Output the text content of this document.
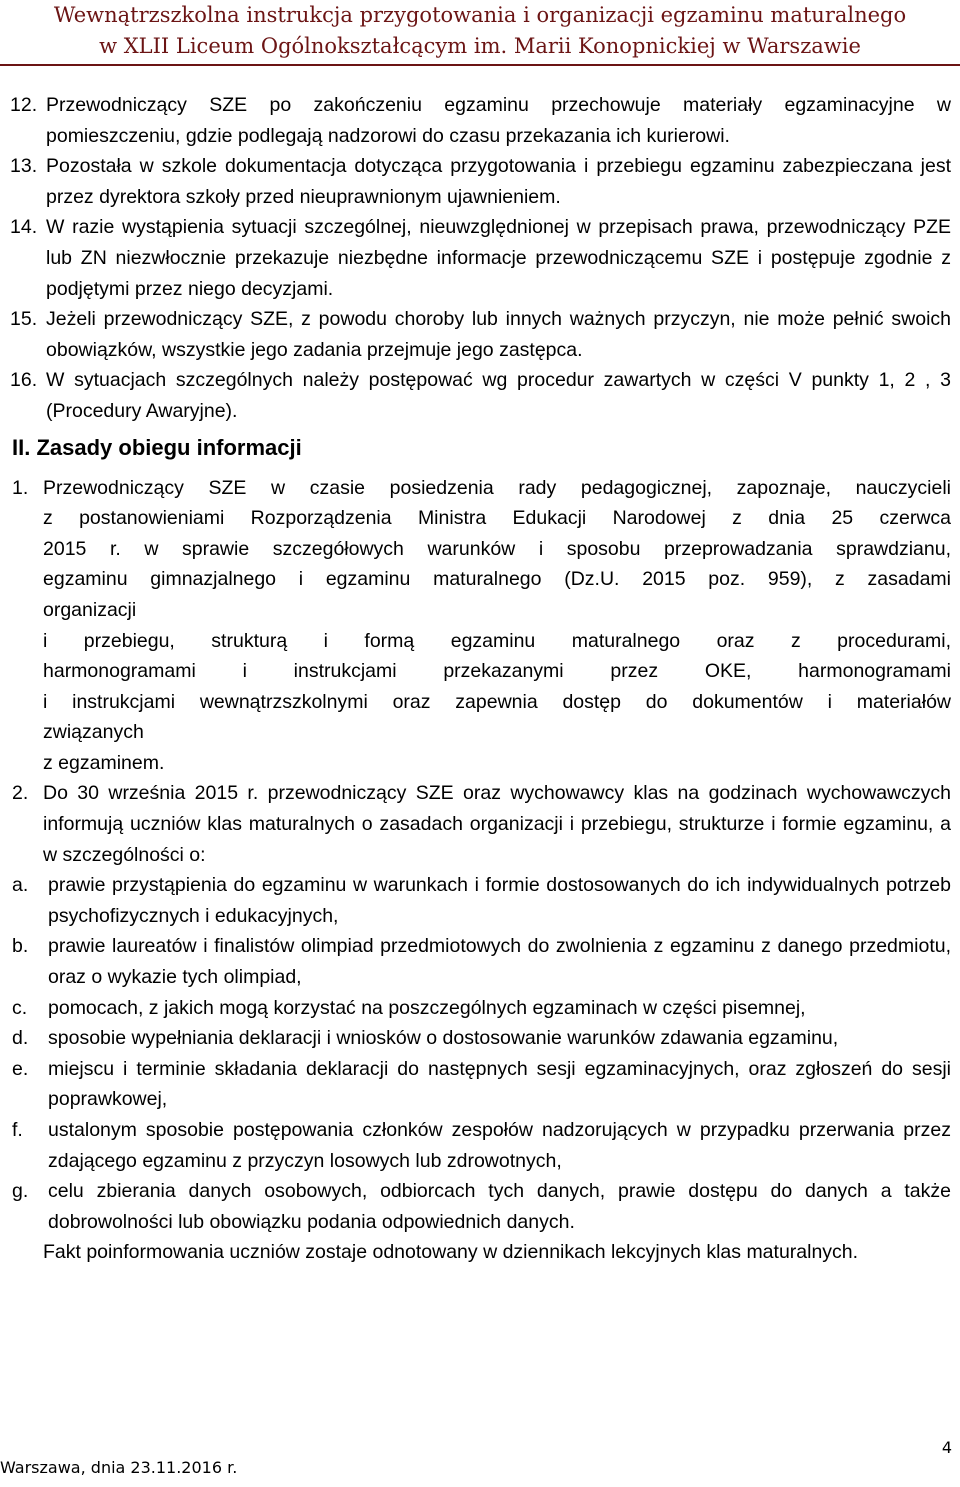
Wewnątrzszkolna instrukcja przygotowania i organizacji egzaminu maturalnego
w XLII Liceum Ogólnokształcącym im. Marii Konopnickiej w Warszawie
12. Przewodniczący SZE po zakończeniu egzaminu przechowuje materiały egzaminacyjne w pomieszczeniu, gdzie podlegają nadzorowi do czasu przekazania ich kurierowi.
13. Pozostała w szkole dokumentacja dotycząca przygotowania i przebiegu egzaminu zabezpieczana jest przez dyrektora szkoły przed nieuprawnionym ujawnieniem.
14. W razie wystąpienia sytuacji szczególnej, nieuwzględnionej w przepisach prawa, przewodniczący PZE lub ZN niezwłocznie przekazuje niezbędne informacje przewodniczącemu SZE i postępuje zgodnie z podjętymi przez niego decyzjami.
15. Jeżeli przewodniczący SZE, z powodu choroby lub innych ważnych przyczyn, nie może pełnić swoich obowiązków, wszystkie jego zadania przejmuje jego zastępca.
16. W sytuacjach szczególnych należy postępować wg procedur zawartych w części V punkty 1, 2 , 3 (Procedury Awaryjne).
II. Zasady obiegu informacji
1. Przewodniczący SZE w czasie posiedzenia rady pedagogicznej, zapoznaje, nauczycieli
z postanowieniami Rozporządzenia Ministra Edukacji Narodowej z dnia 25 czerwca
2015 r. w sprawie szczegółowych warunków i sposobu przeprowadzania sprawdzianu,
egzaminu gimnazjalnego i egzaminu maturalnego (Dz.U. 2015 poz. 959), z zasadami
organizacji
i przebiegu, strukturą i formą egzaminu maturalnego oraz z procedurami,
harmonogramami i instrukcjami przekazanymi przez OKE, harmonogramami
i instrukcjami wewnątrzszkolnymi oraz zapewnia dostęp do dokumentów i materiałów
związanych
z egzaminem.
2. Do 30 września 2015 r. przewodniczący SZE oraz wychowawcy klas na godzinach wychowawczych informują uczniów klas maturalnych o zasadach organizacji i przebiegu, strukturze i formie egzaminu, a w szczególności o:
a.	prawie przystąpienia do egzaminu w warunkach i formie dostosowanych do ich indywidualnych potrzeb psychofizycznych i edukacyjnych,
b.	prawie laureatów i finalistów olimpiad przedmiotowych do zwolnienia z egzaminu z danego przedmiotu, oraz o wykazie tych olimpiad,
c.	pomocach, z jakich mogą korzystać na poszczególnych egzaminach w części pisemnej,
d.	sposobie wypełniania deklaracji i wniosków o dostosowanie warunków zdawania egzaminu,
e.	miejscu i terminie składania deklaracji do następnych sesji egzaminacyjnych, oraz zgłoszeń do sesji poprawkowej,
f.	ustalonym sposobie postępowania członków zespołów nadzorujących w przypadku przerwania przez zdającego egzaminu z przyczyn losowych lub zdrowotnych,
g.	celu zbierania danych osobowych, odbiorcach tych danych, prawie dostępu do danych a także dobrowolności lub obowiązku podania odpowiednich danych.
Fakt poinformowania uczniów zostaje odnotowany w dziennikach lekcyjnych klas maturalnych.
Warszawa, dnia 23.11.2016 r.
4
